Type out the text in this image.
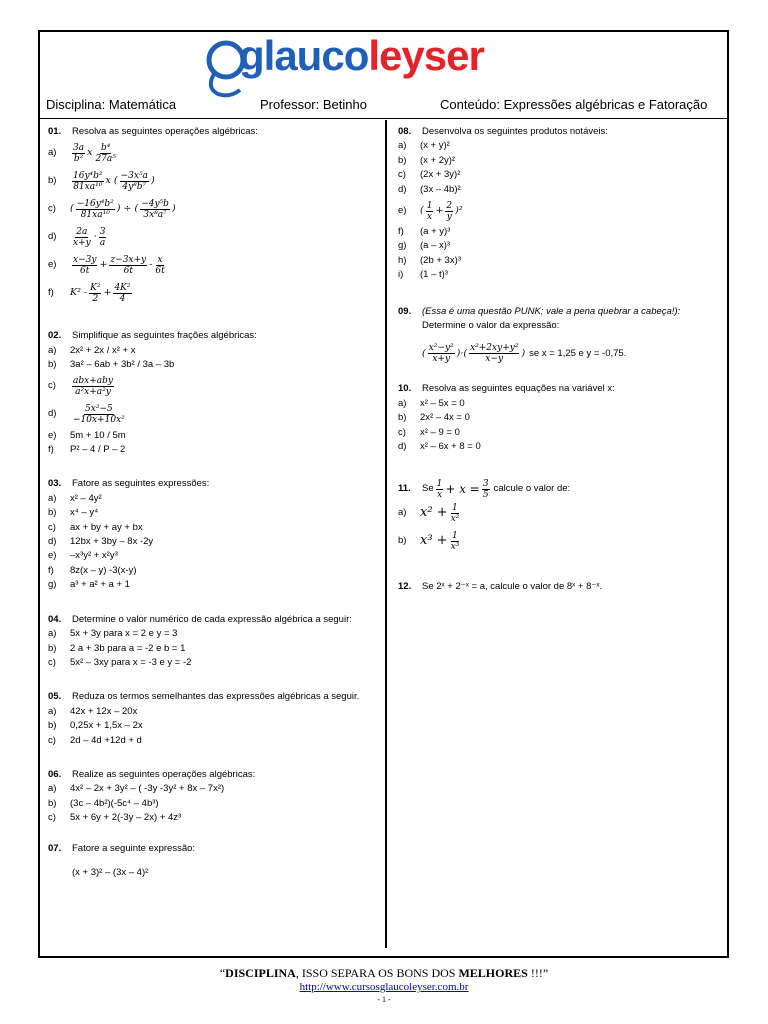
glaucoleyser
Disciplina: Matemática	Professor: Betinho	Conteúdo: Expressões algébricas e Fatoração
01.	Resolva as seguintes operações algébricas:
a)	$\frac{3a}{\text{b²}}$ x $\frac{\text{b⁴}}{\text{27a⁵}}$
b)	$\frac{\text{16y⁴b²}}{\text{81xa¹⁰}}$ x ( $\frac{\text{−3x⁵a}}{\text{4y⁸b⁷}}$ )
c)	( $\frac{\text{−16y⁴b²}}{\text{81xa¹⁰}}$ ) ÷ ( $\frac{\text{−4y⁵b}}{\text{3x⁸a⁷}}$ )
d)	$\frac{2a}{x+y} \cdot \frac{3}{a}$
e)	$\frac{x-3y}{6t} + \frac{z-3x+y}{6t} - \frac{x}{6t}$
f)	$K^2 - \frac{\text{K²}}{2} + \frac{\text{4K²}}{4}$
02.	Simplifique as seguintes frações algébricas:
a)	2x² + 2x / x² + x
b)	3a² – 6ab + 3b² / 3a – 3b
c)	$\frac{\text{abx+aby}}{\text{a²x+a²y}}$
d)	$\frac{\text{5x²−5}}{\text{−10x+10x²}}$
e)	5m + 10 / 5m
f)	P² – 4 / P – 2
03.	Fatore as seguintes expressões:
a)	x² – 4y²
b)	x⁴ – y⁴
c)	ax + by + ay + bx
d)	12bx + 3by – 8x -2y
e)	–x³y² + x²y³
f)	8z(x – y) -3(x-y)
g)	a³ + a² + a + 1
04.	Determine o valor numérico de cada expressão algébrica a seguir:
a)	5x + 3y para x = 2 e y = 3
b)	2 a + 3b para a = -2 e b = 1
c)	5x² – 3xy para x = -3 e y = -2
05.	Reduza os termos semelhantes das expressões algébricas a seguir.
a)	42x + 12x – 20x
b)	0,25x + 1,5x – 2x
c)	2d – 4d +12d + d
06.	Realize as seguintes operações algébricas:
a)	4x² – 2x + 3y² – ( -3y -3y² + 8x – 7x²)
b)	(3c – 4b²)(-5c⁴ – 4b³)
c)	5x + 6y + 2(-3y – 2x) + 4z³
07.	Fatore a seguinte expressão:
(x + 3)² – (3x – 4)²
08.	Desenvolva os seguintes produtos notáveis:
a)	(x + y)²
b)	(x + 2y)²
c)	(2x + 3y)²
d)	(3x – 4b)²
e)	( $\frac{1}{x} + \frac{2}{y} )^2$
f)	(a + y)³
g)	(a – x)³
h)	(2b + 3x)³
i)	(1 – t)³
09.	(Essa é uma questão PUNK; vale a pena quebrar a cabeça!):
Determine o valor da expressão:
( $\frac{\text{x²−y²}}{x+y}$ )·( $\frac{\text{x²+2xy+y²}}{x-y}$ ) se x = 1,25 e y = -0,75.
10.	Resolva as seguintes equações na variável x:
a)	x² – 5x = 0
b)	2x² – 4x = 0
c)	x² – 9 = 0
d)	x² – 6x + 8 = 0
11.	Se $\frac{1}{x} + x = \frac{3}{5}$ calcule o valor de:
a)	$x^2 + \frac{1}{\text{x²}}$
b)	$x^3 + \frac{1}{\text{x³}}$
12.	Se 2ˣ + 2⁻ˣ = a, calcule o valor de 8ˣ + 8⁻ˣ.
“DISCIPLINA, ISSO SEPARA OS BONS DOS MELHORES !!!”
http://www.cursosglaucoleyser.com.br
- 1 -
